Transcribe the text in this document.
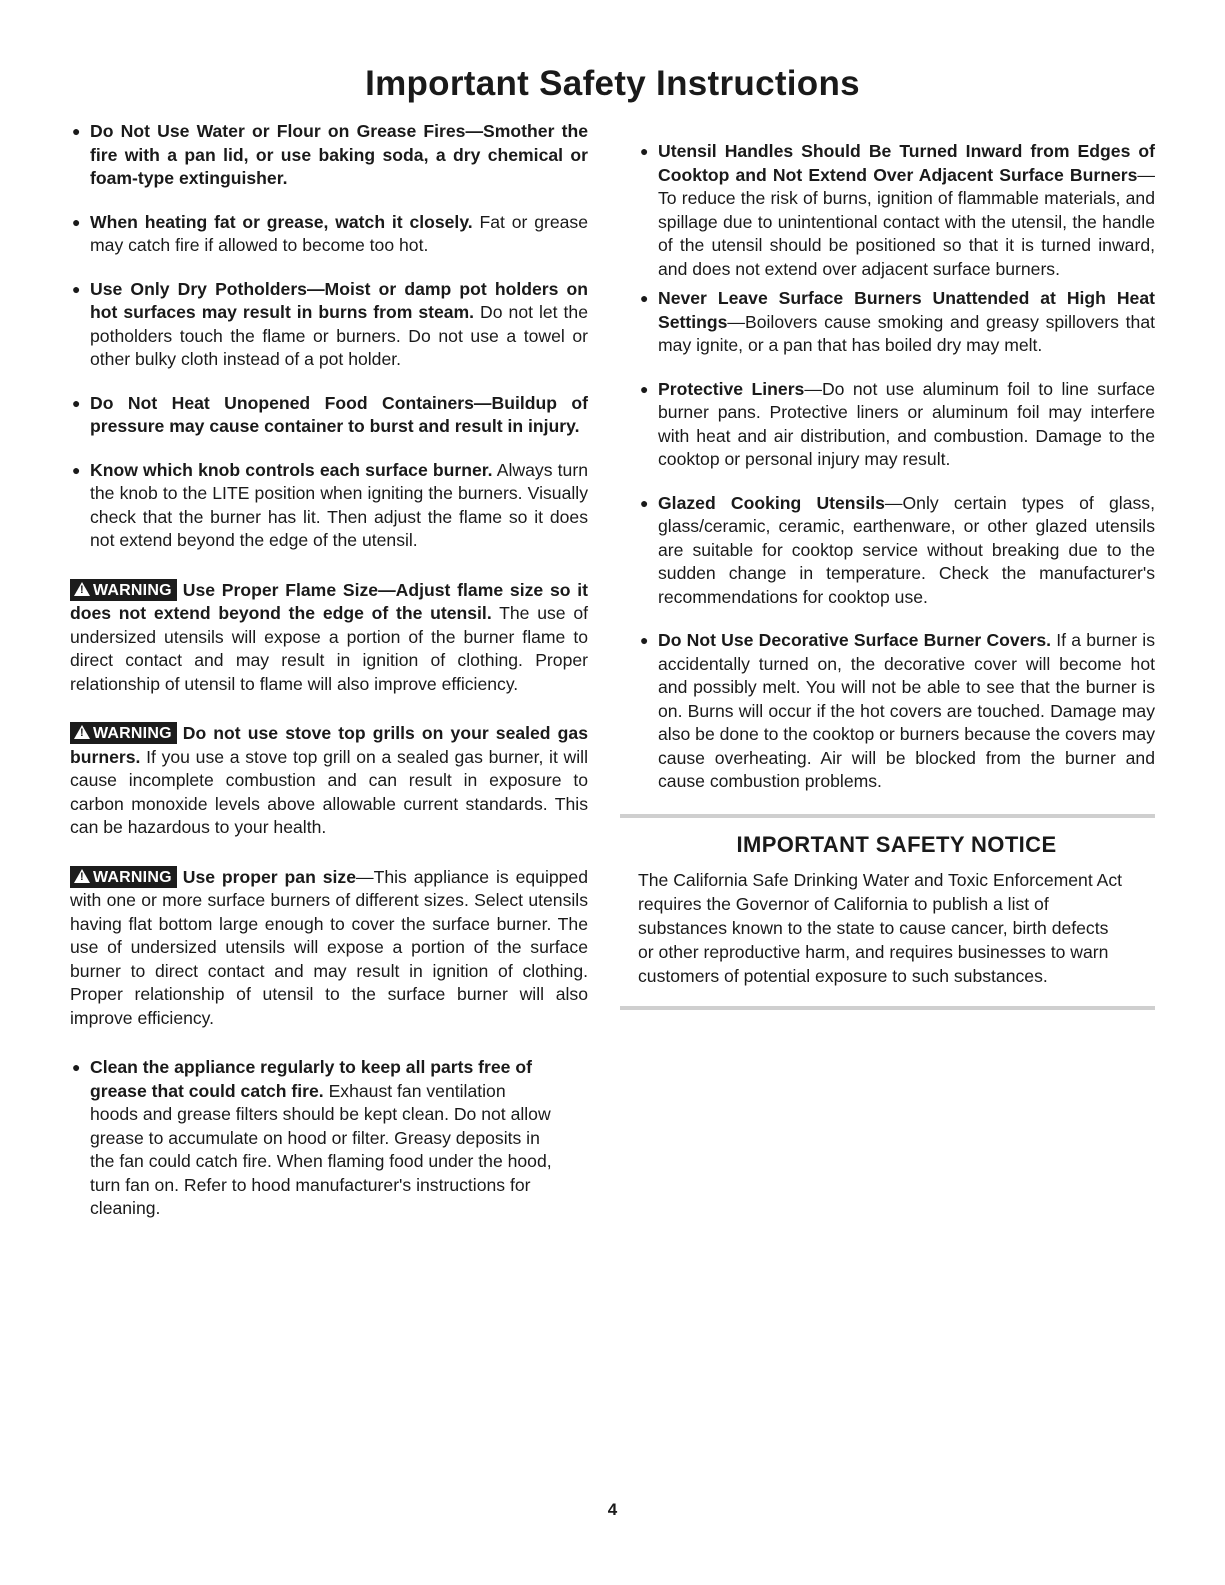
Important Safety Instructions

● Do Not Use Water or Flour on Grease Fires—Smother the fire with a pan lid, or use baking soda, a dry chemical or foam-type extinguisher.

● When heating fat or grease, watch it closely. Fat or grease may catch fire if allowed to become too hot.

● Use Only Dry Potholders—Moist or damp pot holders on hot surfaces may result in burns from steam. Do not let the potholders touch the flame or burners. Do not use a towel or other bulky cloth instead of a pot holder.

● Do Not Heat Unopened Food Containers—Buildup of pressure may cause container to burst and result in injury.

● Know which knob controls each surface burner. Always turn the knob to the LITE position when igniting the burners. Visually check that the burner has lit. Then adjust the flame so it does not extend beyond the edge of the utensil.

! WARNING Use Proper Flame Size—Adjust flame size so it does not extend beyond the edge of the utensil. The use of undersized utensils will expose a portion of the burner flame to direct contact and may result in ignition of clothing. Proper relationship of utensil to flame will also improve efficiency.

! WARNING Do not use stove top grills on your sealed gas burners. If you use a stove top grill on a sealed gas burner, it will cause incomplete combustion and can result in exposure to carbon monoxide levels above allowable current standards. This can be hazardous to your health.

! WARNING Use proper pan size—This appliance is equipped with one or more surface burners of different sizes. Select utensils having flat bottom large enough to cover the surface burner. The use of undersized utensils will expose a portion of the surface burner to direct contact and may result in ignition of clothing. Proper relationship of utensil to the surface burner will also improve efficiency.

● Clean the appliance regularly to keep all parts free of grease that could catch fire. Exhaust fan ventilation hoods and grease filters should be kept clean. Do not allow grease to accumulate on hood or filter. Greasy deposits in the fan could catch fire. When flaming food under the hood, turn fan on. Refer to hood manufacturer's instructions for cleaning.

● Utensil Handles Should Be Turned Inward from Edges of Cooktop and Not Extend Over Adjacent Surface Burners—To reduce the risk of burns, ignition of flammable materials, and spillage due to unintentional contact with the utensil, the handle of the utensil should be positioned so that it is turned inward, and does not extend over adjacent surface burners.

● Never Leave Surface Burners Unattended at High Heat Settings—Boilovers cause smoking and greasy spillovers that may ignite, or a pan that has boiled dry may melt.

● Protective Liners—Do not use aluminum foil to line surface burner pans. Protective liners or aluminum foil may interfere with heat and air distribution, and combustion. Damage to the cooktop or personal injury may result.

● Glazed Cooking Utensils—Only certain types of glass, glass/ceramic, ceramic, earthenware, or other glazed utensils are suitable for cooktop service without breaking due to the sudden change in temperature. Check the manufacturer's recommendations for cooktop use.

● Do Not Use Decorative Surface Burner Covers. If a burner is accidentally turned on, the decorative cover will become hot and possibly melt. You will not be able to see that the burner is on. Burns will occur if the hot covers are touched. Damage may also be done to the cooktop or burners because the covers may cause overheating. Air will be blocked from the burner and cause combustion problems.

IMPORTANT SAFETY NOTICE

The California Safe Drinking Water and Toxic Enforcement Act requires the Governor of California to publish a list of substances known to the state to cause cancer, birth defects or other reproductive harm, and requires businesses to warn customers of potential exposure to such substances.

4
